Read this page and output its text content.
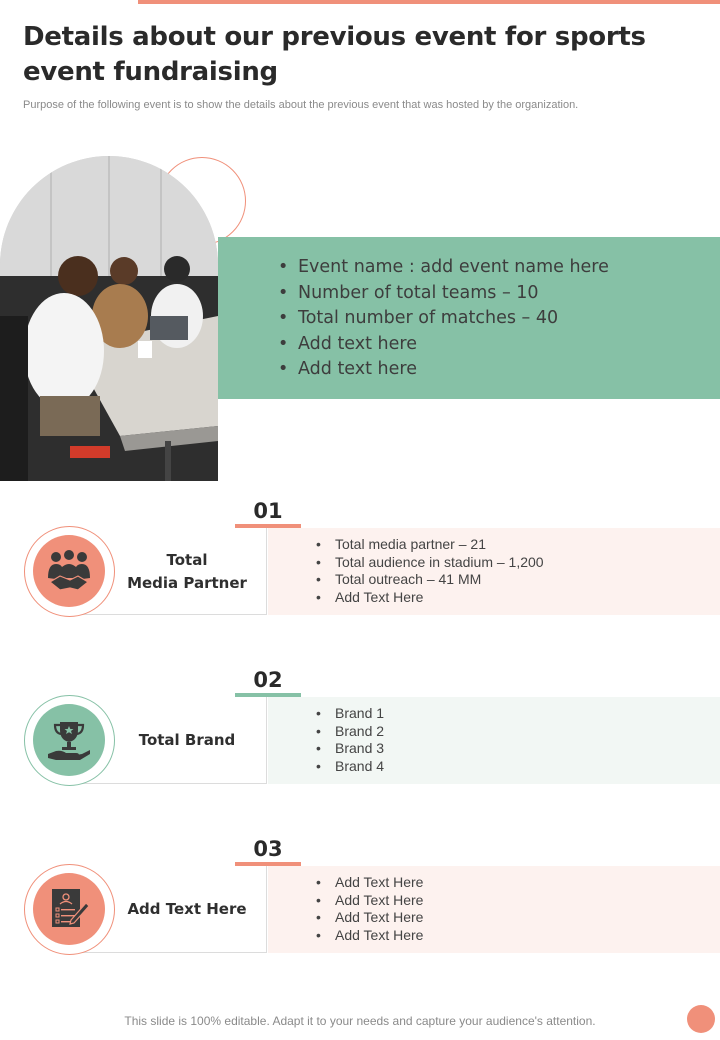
Details about our previous event for sports event fundraising

Purpose of the following event is to show the details about the previous event that was hosted by the organization.

• Event name : add event name here
• Number of total teams – 10
• Total number of matches – 40
• Add text here
• Add text here
01
Total
Media Partner
• Total media partner – 21
• Total audience in stadium – 1,200
• Total outreach – 41 MM
• Add Text Here
02
Total Brand
• Brand 1
• Brand 2
• Brand 3
• Brand 4
03
Add Text Here
• Add Text Here
• Add Text Here
• Add Text Here
• Add Text Here

This slide is 100% editable. Adapt it to your needs and capture your audience's attention.
